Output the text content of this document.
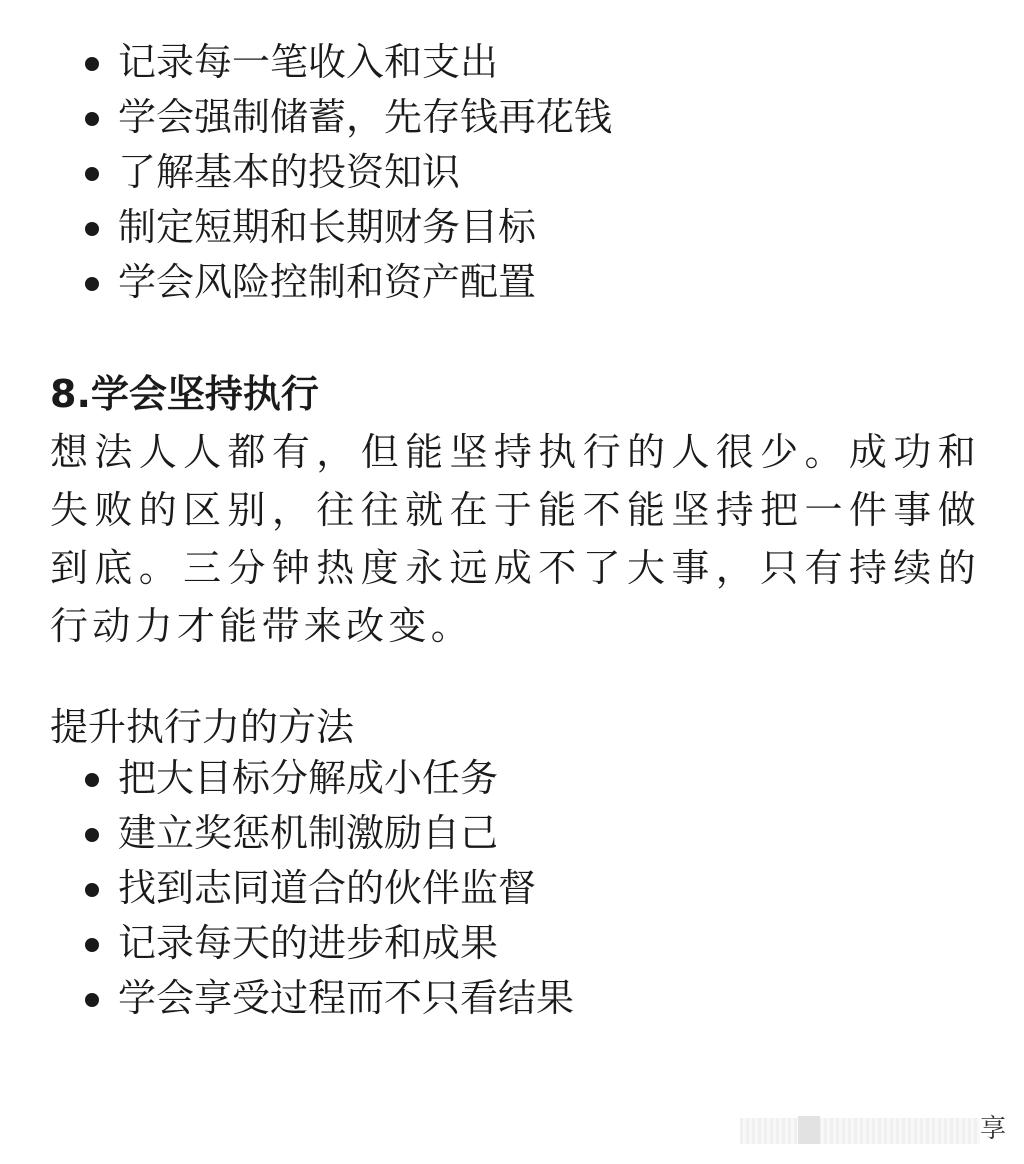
记录每一笔收入和支出
学会强制储蓄，先存钱再花钱
了解基本的投资知识
制定短期和长期财务目标
学会风险控制和资产配置
8.学会坚持执行

想法人人都有，但能坚持执行的人很少。成功和失败的区别，往往就在于能不能坚持把一件事做到底。三分钟热度永远成不了大事，只有持续的行动力才能带来改变。

提升执行力的方法

把大目标分解成小任务
建立奖惩机制激励自己
找到志同道合的伙伴监督
记录每天的进步和成果
学会享受过程而不只看结果
享
